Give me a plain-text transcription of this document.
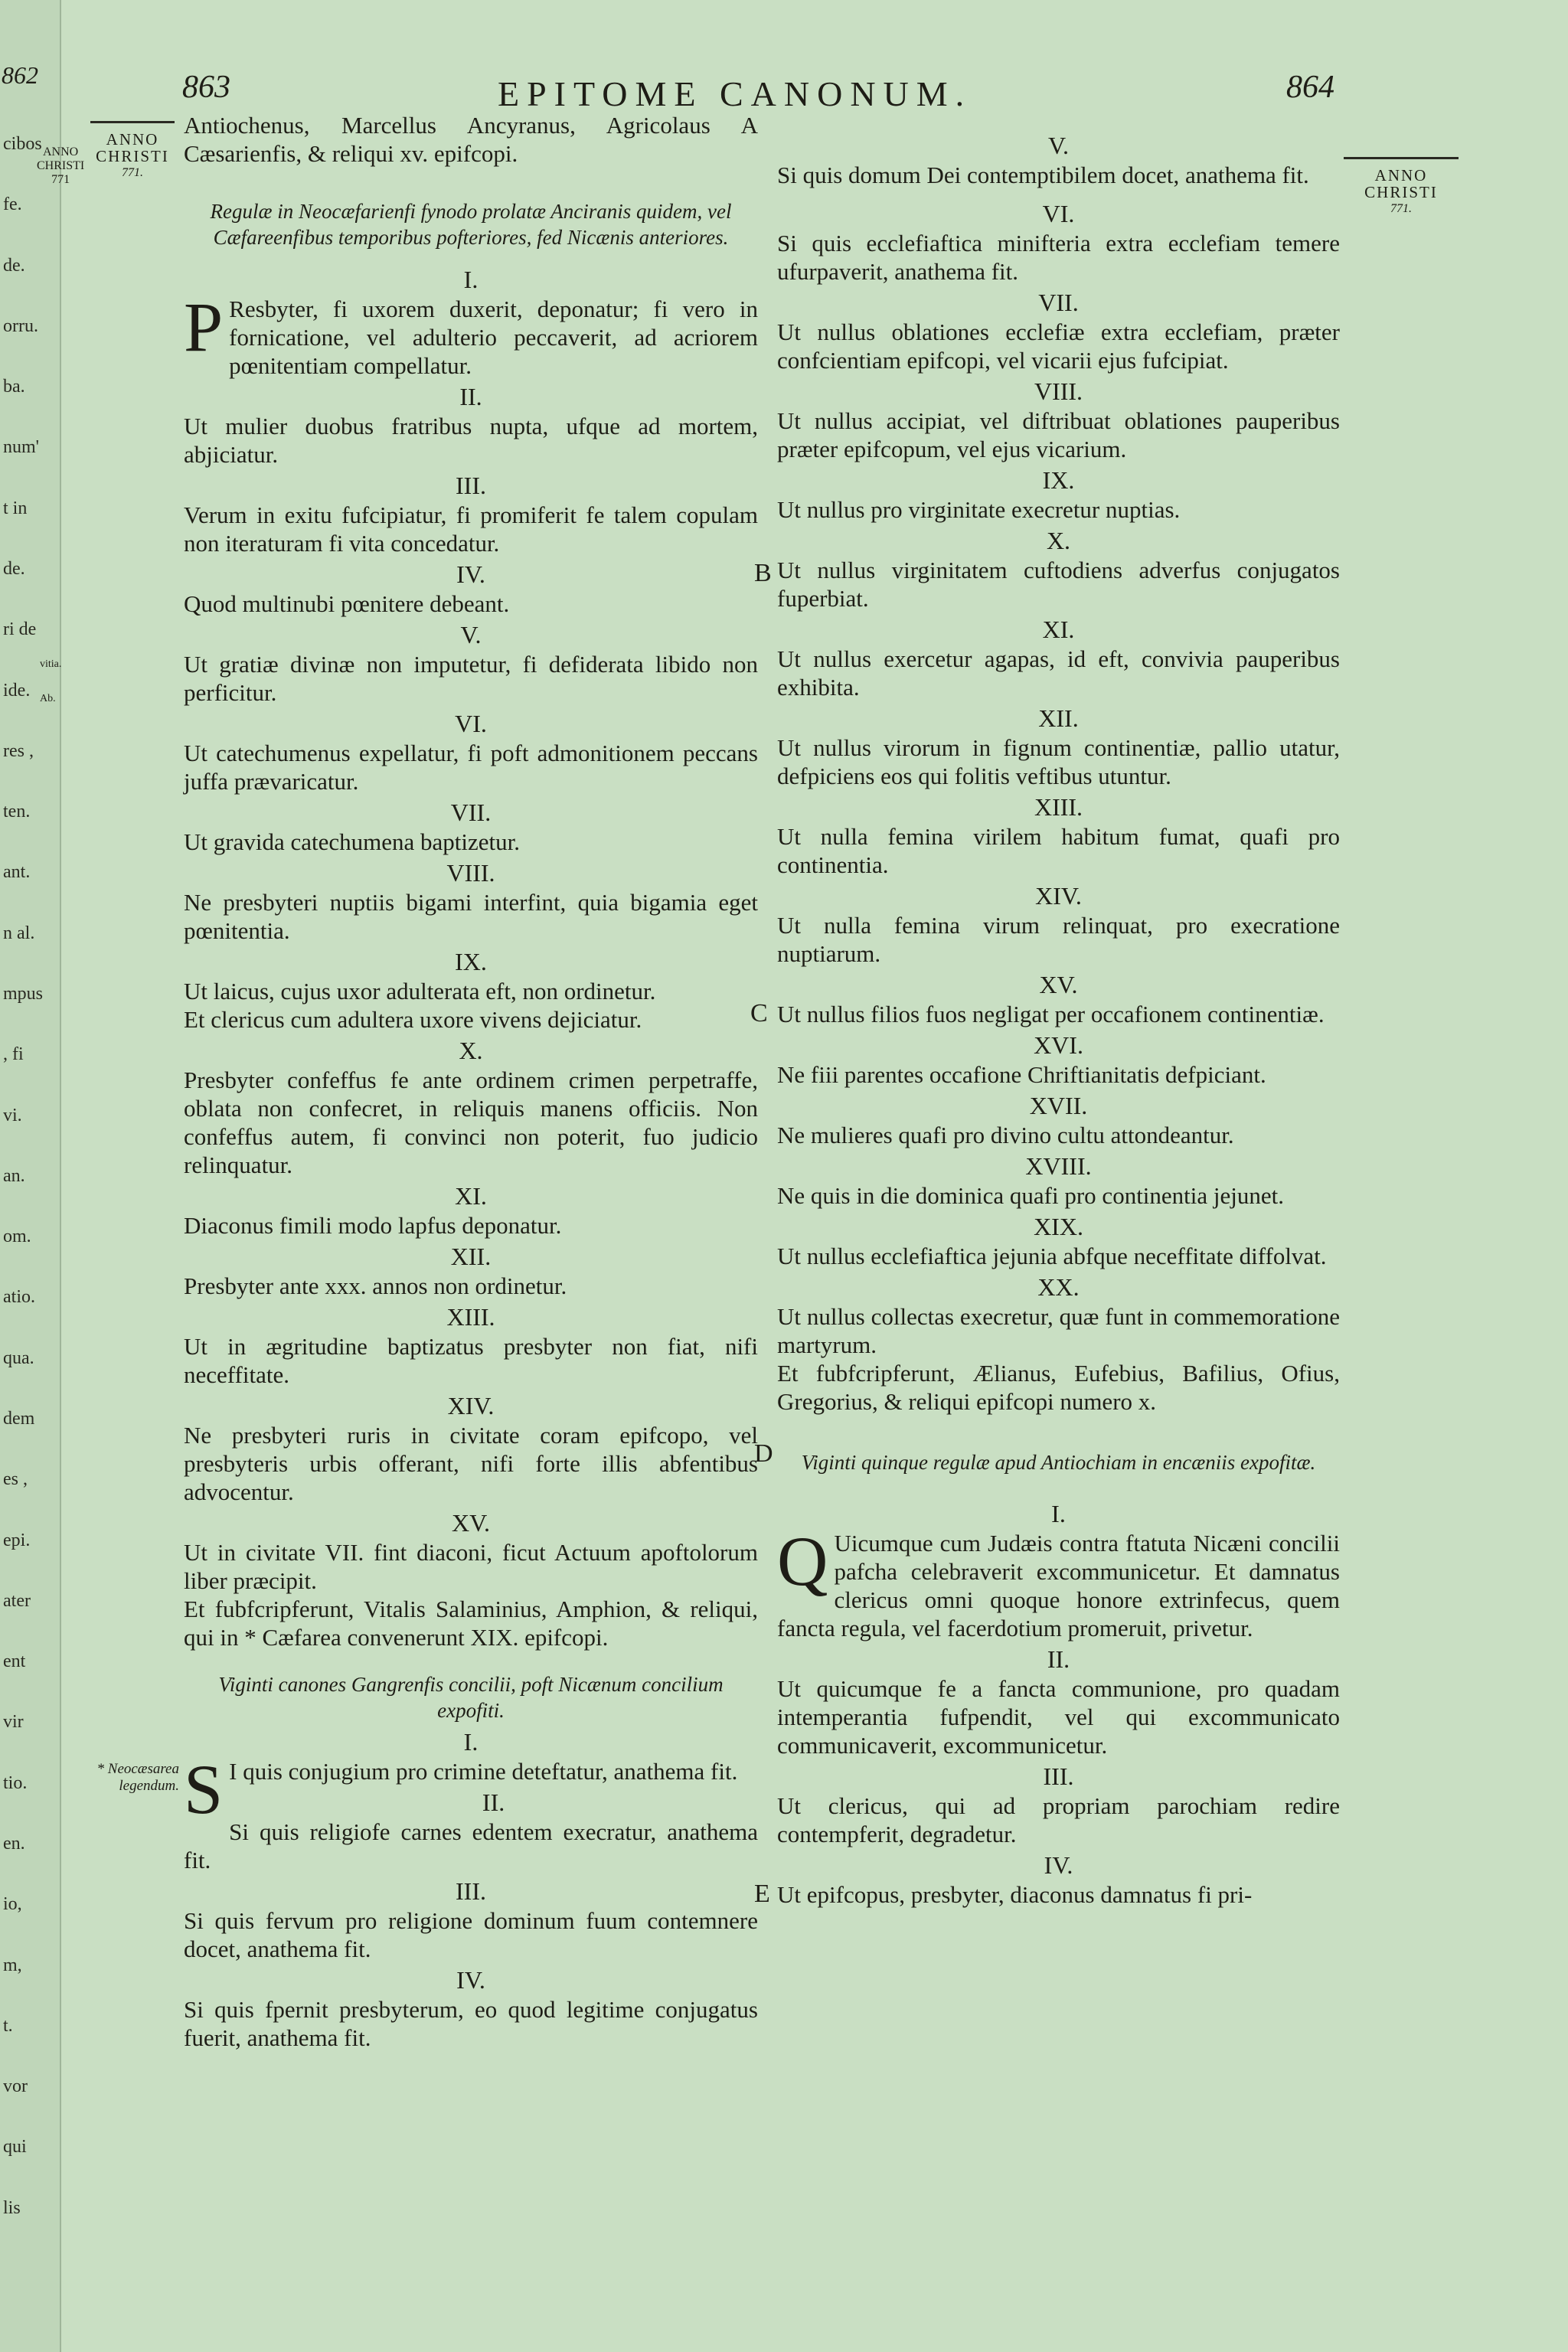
862
ANNO
CHRISTI
771
cibos
fe.
de.
orru.
ba.
num'
t in
de.
ri de
ide.
res ,
ten.
ant.
n al.
mpus
, fi
vi.
an.
om.
atio.
qua.
dem
es ,
epi.
ater
ent
vir
tio.
en.
io,
m,
t.
vor
qui
lis
vitia.
Ab.
863	EPITOME CANONUM.	864
ANNO
CHRISTI
771.	ANNO
CHRISTI
771.
* Neocæsarea legendum.
B
C
D
E

Antiochenus, Marcellus Ancyranus, Agricolaus A Cæsarienfis, & reliqui xv. epifcopi.

Regulæ in Neocæfarienfi fynodo prolatæ Anciranis quidem, vel Cæfareenfibus temporibus pofteriores, fed Nicænis anteriores.
I.

P Resbyter, fi uxorem duxerit, deponatur; fi vero in fornicatione, vel adulterio peccaverit, ad acriorem pœnitentiam compellatur.

II.

Ut mulier duobus fratribus nupta, ufque ad mortem, abjiciatur.

III.

Verum in exitu fufcipiatur, fi promiferit fe talem copulam non iteraturam fi vita concedatur.

IV.

Quod multinubi pœnitere debeant.

V.

Ut gratiæ divinæ non imputetur, fi defiderata libido non perficitur.

VI.

Ut catechumenus expellatur, fi poft admonitionem peccans juffa prævaricatur.

VII.

Ut gravida catechumena baptizetur.

VIII.

Ne presbyteri nuptiis bigami interfint, quia bigamia eget pœnitentia.

IX.

Ut laicus, cujus uxor adulterata eft, non ordinetur.

Et clericus cum adultera uxore vivens dejiciatur.

X.

Presbyter confeffus fe ante ordinem crimen perpetraffe, oblata non confecret, in reliquis manens officiis. Non confeffus autem, fi convinci non poterit, fuo judicio relinquatur.

XI.

Diaconus fimili modo lapfus deponatur.

XII.

Presbyter ante xxx. annos non ordinetur.

XIII.

Ut in ægritudine baptizatus presbyter non fiat, nifi neceffitate.

XIV.

Ne presbyteri ruris in civitate coram epifcopo, vel presbyteris urbis offerant, nifi forte illis abfentibus advocentur.

XV.

Ut in civitate VII. fint diaconi, ficut Actuum apoftolorum liber præcipit.

Et fubfcripferunt, Vitalis Salaminius, Amphion, & reliqui, qui in * Cæfarea convenerunt XIX. epifcopi.

Viginti canones Gangrenfis concilii, poft Nicænum concilium expofiti.
I.

S I quis conjugium pro crimine deteftatur, anathema fit.

II.

Si quis religiofe carnes edentem execratur, anathema fit.

III.

Si quis fervum pro religione dominum fuum contemnere docet, anathema fit.

IV.

Si quis fpernit presbyterum, eo quod legitime conjugatus fuerit, anathema fit.

V.

Si quis domum Dei contemptibilem docet, anathema fit.

VI.

Si quis ecclefiaftica minifteria extra ecclefiam temere ufurpaverit, anathema fit.

VII.

Ut nullus oblationes ecclefiæ extra ecclefiam, præter confcientiam epifcopi, vel vicarii ejus fufcipiat.

VIII.

Ut nullus accipiat, vel diftribuat oblationes pauperibus præter epifcopum, vel ejus vicarium.

IX.

Ut nullus pro virginitate execretur nuptias.

X.

Ut nullus virginitatem cuftodiens adverfus conjugatos fuperbiat.

XI.

Ut nullus exercetur agapas, id eft, convivia pauperibus exhibita.

XII.

Ut nullus virorum in fignum continentiæ, pallio utatur, defpiciens eos qui folitis veftibus utuntur.

XIII.

Ut nulla femina virilem habitum fumat, quafi pro continentia.

XIV.

Ut nulla femina virum relinquat, pro execratione nuptiarum.

XV.

Ut nullus filios fuos negligat per occafionem continentiæ.

XVI.

Ne fiii parentes occafione Chriftianitatis defpiciant.

XVII.

Ne mulieres quafi pro divino cultu attondeantur.

XVIII.

Ne quis in die dominica quafi pro continentia jejunet.

XIX.

Ut nullus ecclefiaftica jejunia abfque neceffitate diffolvat.

XX.

Ut nullus collectas execretur, quæ funt in commemoratione martyrum.

Et fubfcripferunt, Ælianus, Eufebius, Bafilius, Ofius, Gregorius, & reliqui epifcopi numero x.

Viginti quinque regulæ apud Antiochiam in encæniis expofitæ.
I.

Q Uicumque cum Judæis contra ftatuta Nicæni concilii pafcha celebraverit excommunicetur. Et damnatus clericus omni quoque honore extrinfecus, quem fancta regula, vel facerdotium promeruit, privetur.

II.

Ut quicumque fe a fancta communione, pro quadam intemperantia fufpendit, vel qui excommunicato communicaverit, excommunicetur.

III.

Ut clericus, qui ad propriam parochiam redire contempferit, degradetur.

IV.

Ut epifcopus, presbyter, diaconus damnatus fi pri-
